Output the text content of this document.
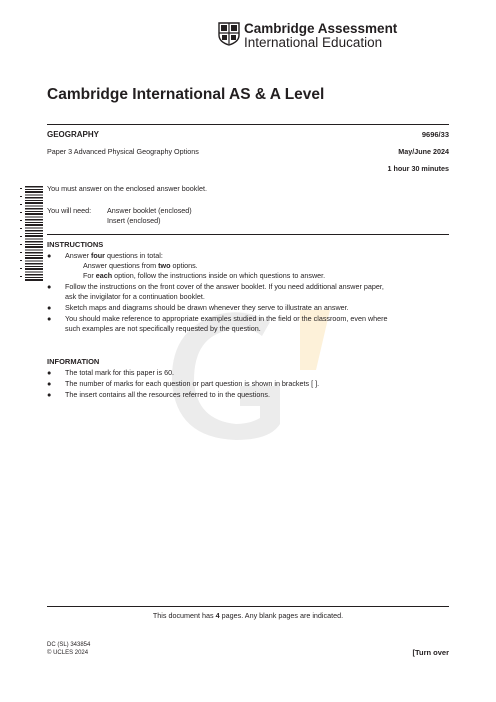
Cambridge Assessment
International Education
Cambridge International AS & A Level
GEOGRAPHY	9696/33
Paper 3 Advanced Physical Geography Options	May/June 2024
1 hour 30 minutes
You must answer on the enclosed answer booklet.
You will need: Answer booklet (enclosed)
Insert (enclosed)
INSTRUCTIONS
● Answer four questions in total:
Answer questions from two options.
For each option, follow the instructions inside on which questions to answer.
● Follow the instructions on the front cover of the answer booklet. If you need additional answer paper,
ask the invigilator for a continuation booklet.
● Sketch maps and diagrams should be drawn whenever they serve to illustrate an answer.
● You should make reference to appropriate examples studied in the field or the classroom, even where
such examples are not specifically requested by the question.
INFORMATION
● The total mark for this paper is 60.
● The number of marks for each question or part question is shown in brackets [ ].
● The insert contains all the resources referred to in the questions.
This document has 4 pages. Any blank pages are indicated.
DC (SL) 343854
© UCLES 2024	[Turn over
